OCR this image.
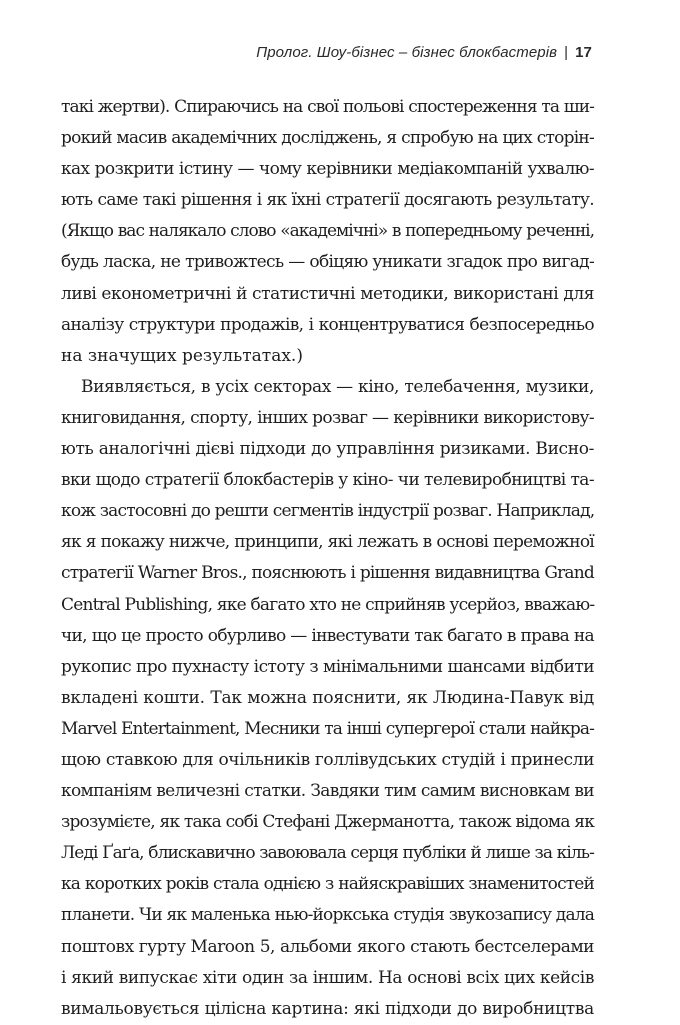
Пролог. Шоу-бізнес – бізнес блокбастерів | 17
такі жертви). Спираючись на свої польові спостереження та ши-
рокий масив академічних досліджень, я спробую на цих сторін-
ках розкрити істину — чому керівники медіакомпаній ухвалю-
ють саме такі рішення і як їхні стратегії досягають результату.
(Якщо вас налякало слово «академічні» в попередньому реченні,
будь ласка, не тривожтесь — обіцяю уникати згадок про вигад-
ливі економетричні й статистичні методики, використані для
аналізу структури продажів, і концентруватися безпосередньо
на значущих результатах.)
Виявляється, в усіх секторах — кіно, телебачення, музики,
книговидання, спорту, інших розваг — керівники використову-
ють аналогічні дієві підходи до управління ризиками. Висно-
вки щодо стратегії блокбастерів у кіно- чи телевиробництві та-
кож застосовні до решти сегментів індустрії розваг. Наприклад,
як я покажу нижче, принципи, які лежать в основі переможної
стратегії Warner Bros., пояснюють і рішення видавництва Grand
Central Publishing, яке багато хто не сприйняв усерйоз, вважаю-
чи, що це просто обурливо — інвестувати так багато в права на
рукопис про пухнасту істоту з мінімальними шансами відбити
вкладені кошти. Так можна пояснити, як Людина-Павук від
Marvel Entertainment, Месники та інші супергерої стали найкра-
щою ставкою для очільників голлівудських студій і принесли
компаніям величезні статки. Завдяки тим самим висновкам ви
зрозумієте, як така собі Стефані Джерманотта, також відома як
Леді Ґаґа, блискавично завоювала серця публіки й лише за кіль-
ка коротких років стала однією з найяскравіших знаменитостей
планети. Чи як маленька нью-йоркська студія звукозапису дала
поштовх гурту Maroon 5, альбоми якого стають бестселерами
і який випускає хіти один за іншим. На основі всіх цих кейсів
вимальовується цілісна картина: які підходи до виробництва
